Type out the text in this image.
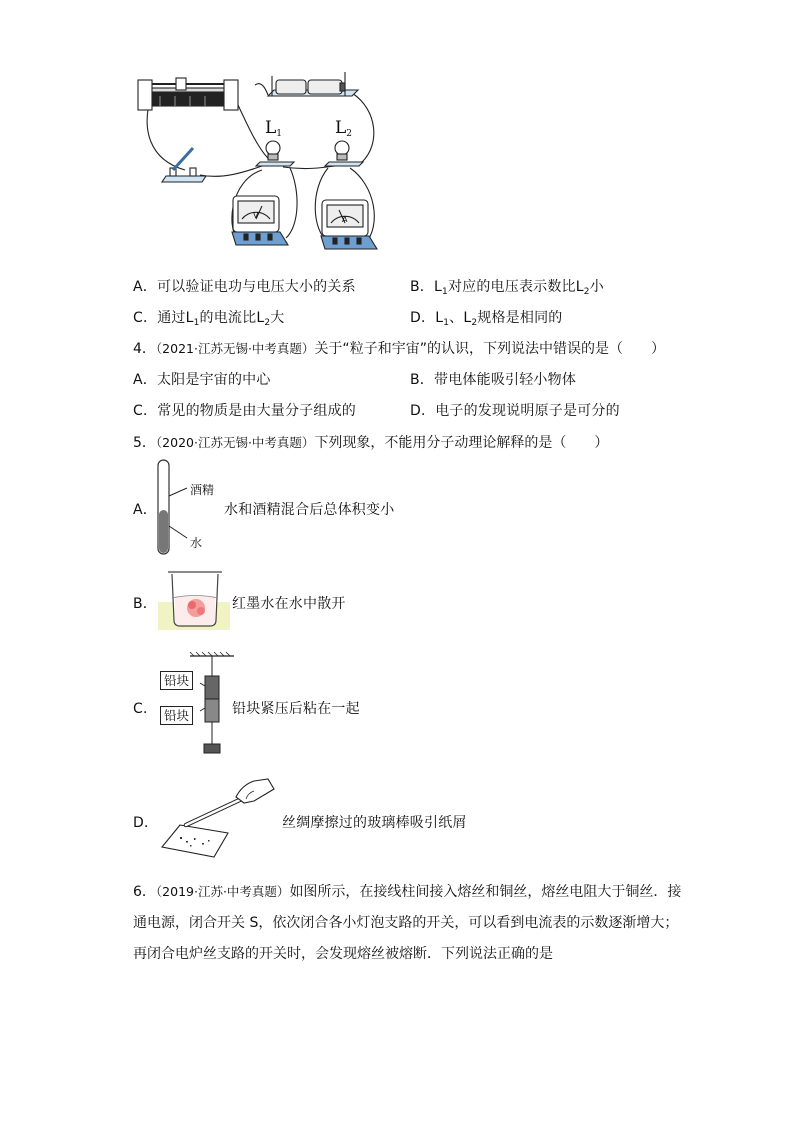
$L_1$	$L_2$
V	A
A．可以验证电功与电压大小的关系	B．$L_1$对应的电压表示数比$L_2$小
C．通过$L_1$的电流比$L_2$大	D．$L_1$、$L_2$规格是相同的
4．（2021·江苏无锡·中考真题）关于“粒子和宇宙”的认识，下列说法中错误的是（　　）
A．太阳是宇宙的中心	B．带电体能吸引轻小物体
C．常见的物质是由大量分子组成的	D．电子的发现说明原子是可分的
5．（2020·江苏无锡·中考真题）下列现象，不能用分子动理论解释的是（　　）
A．
酒精
水
水和酒精混合后总体积变小
B．	红墨水在水中散开
C．
铅块
铅块	铅块紧压后粘在一起
D．	丝绸摩擦过的玻璃棒吸引纸屑
6．（2019·江苏·中考真题）如图所示，在接线柱间接入熔丝和铜丝，熔丝电阻大于铜丝．接
通电源，闭合开关 S，依次闭合各小灯泡支路的开关，可以看到电流表的示数逐渐增大；
再闭合电炉丝支路的开关时，会发现熔丝被熔断．下列说法正确的是
